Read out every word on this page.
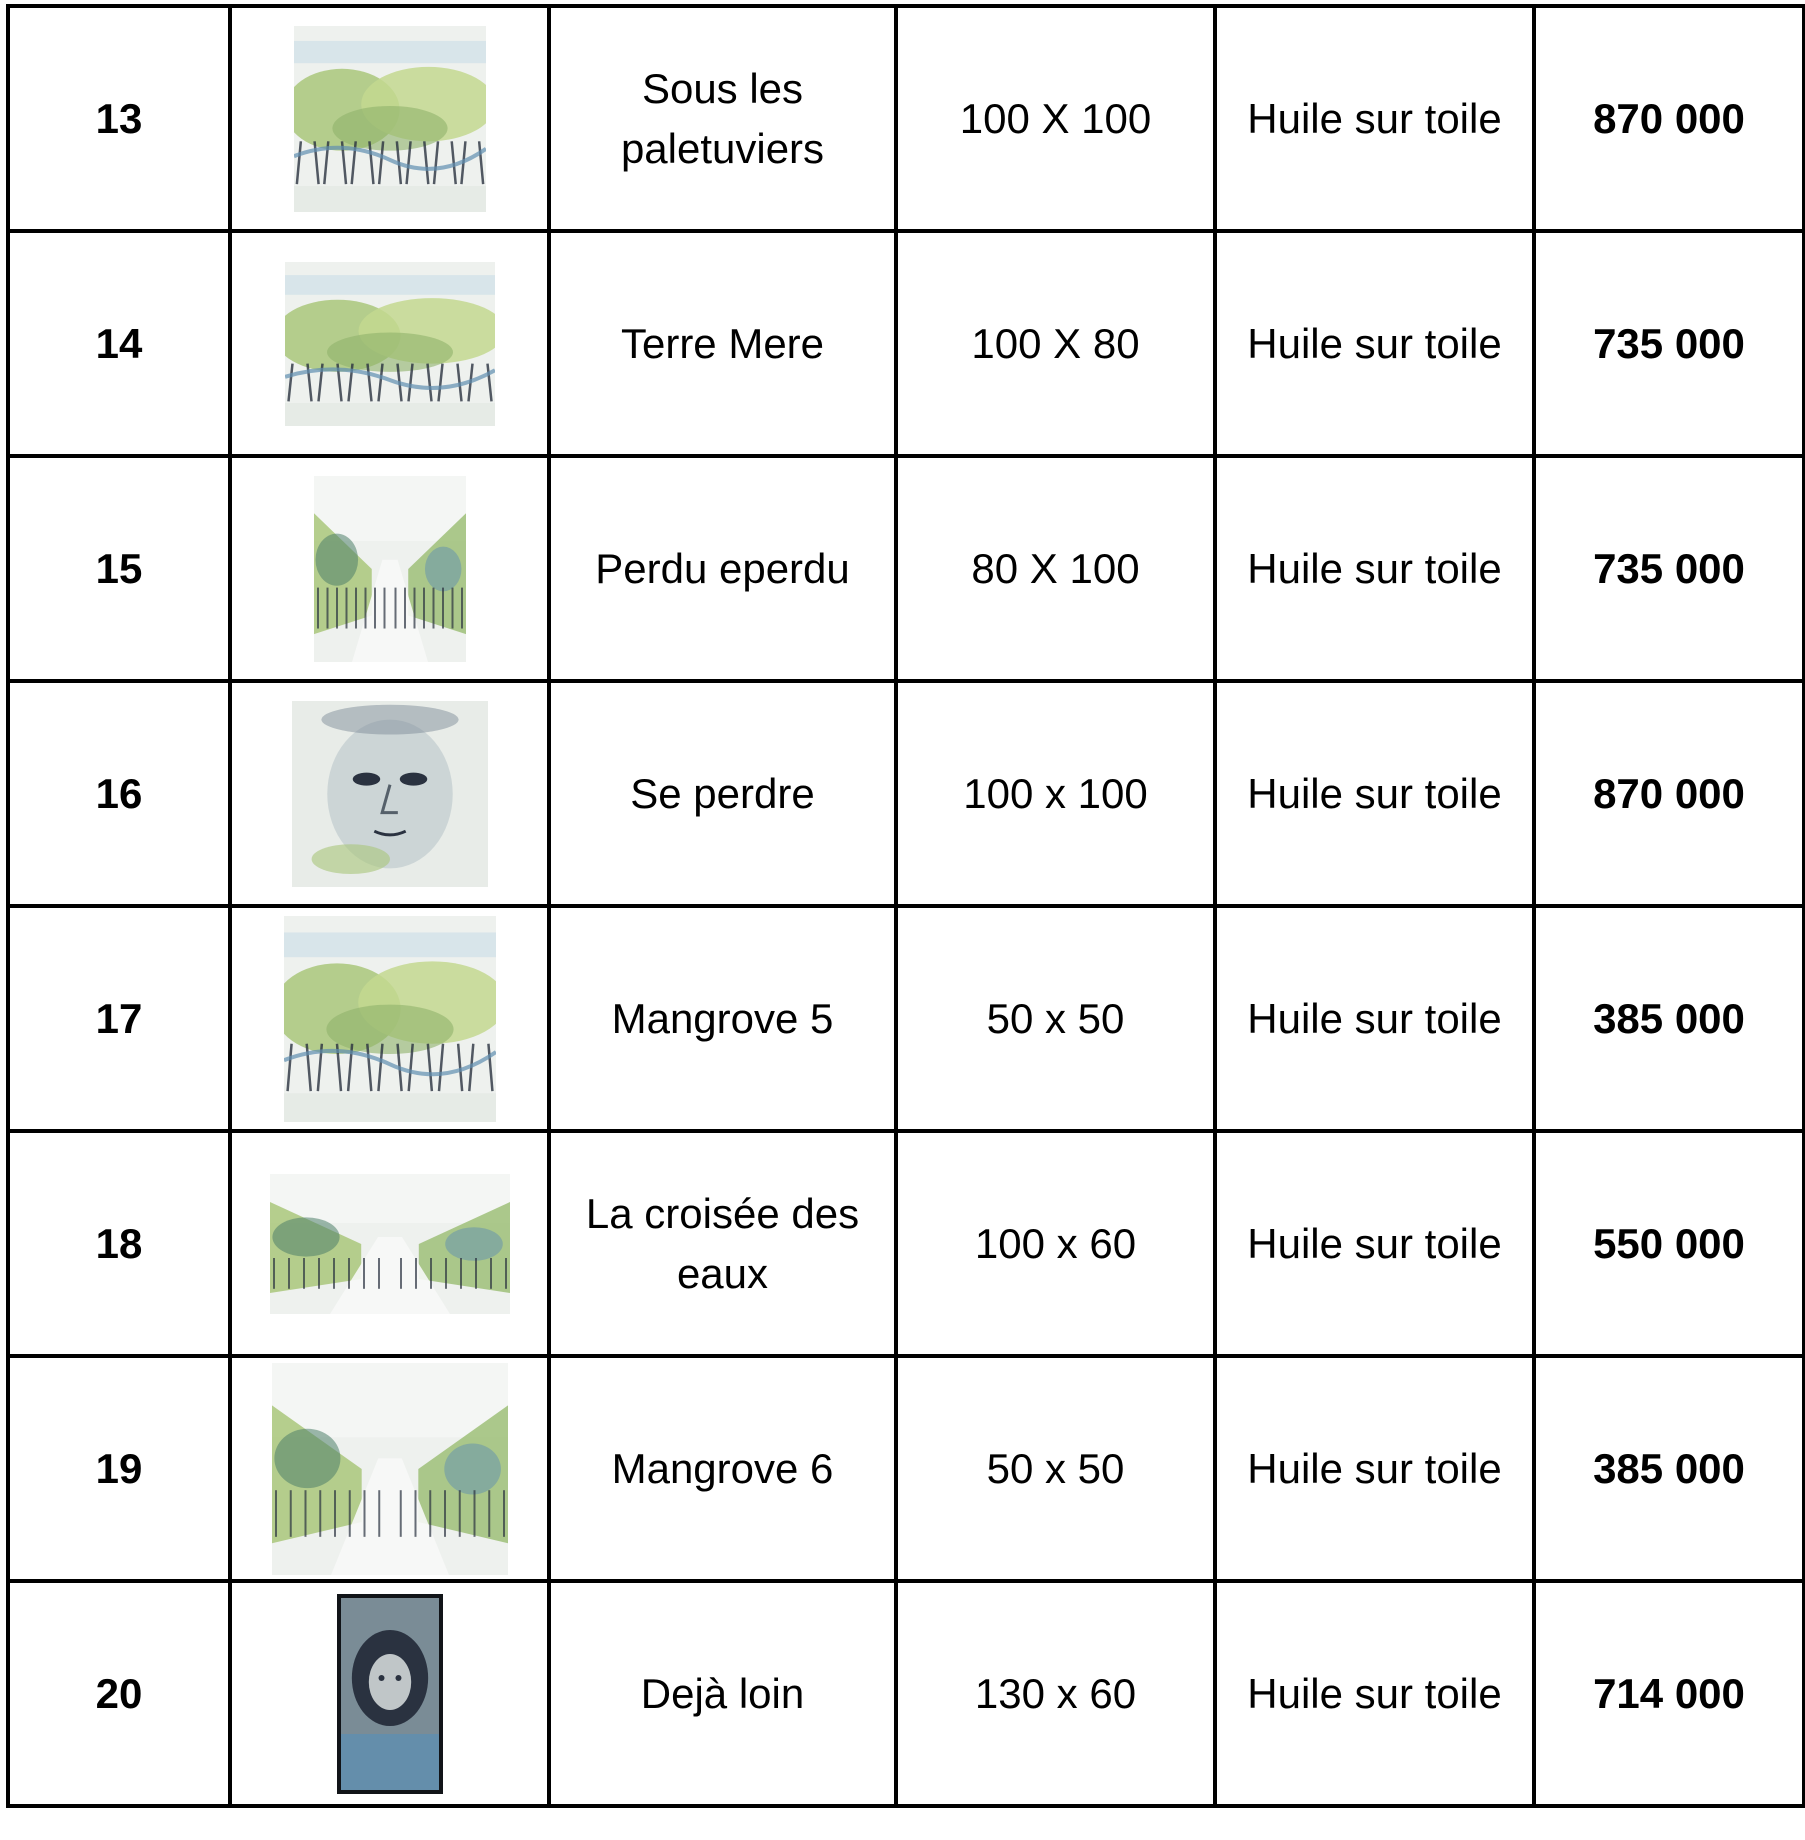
13		Sous les paletuviers	100 X 100	Huile sur toile	870 000
14		Terre Mere	100 X 80	Huile sur toile	735 000
15		Perdu eperdu	80 X 100	Huile sur toile	735 000
16		Se perdre	100 x 100	Huile sur toile	870 000
17		Mangrove 5	50 x 50	Huile sur toile	385 000
18		La croisée des eaux	100 x 60	Huile sur toile	550 000
19		Mangrove 6	50 x 50	Huile sur toile	385 000
20		Dejà loin	130 x 60	Huile sur toile	714 000
